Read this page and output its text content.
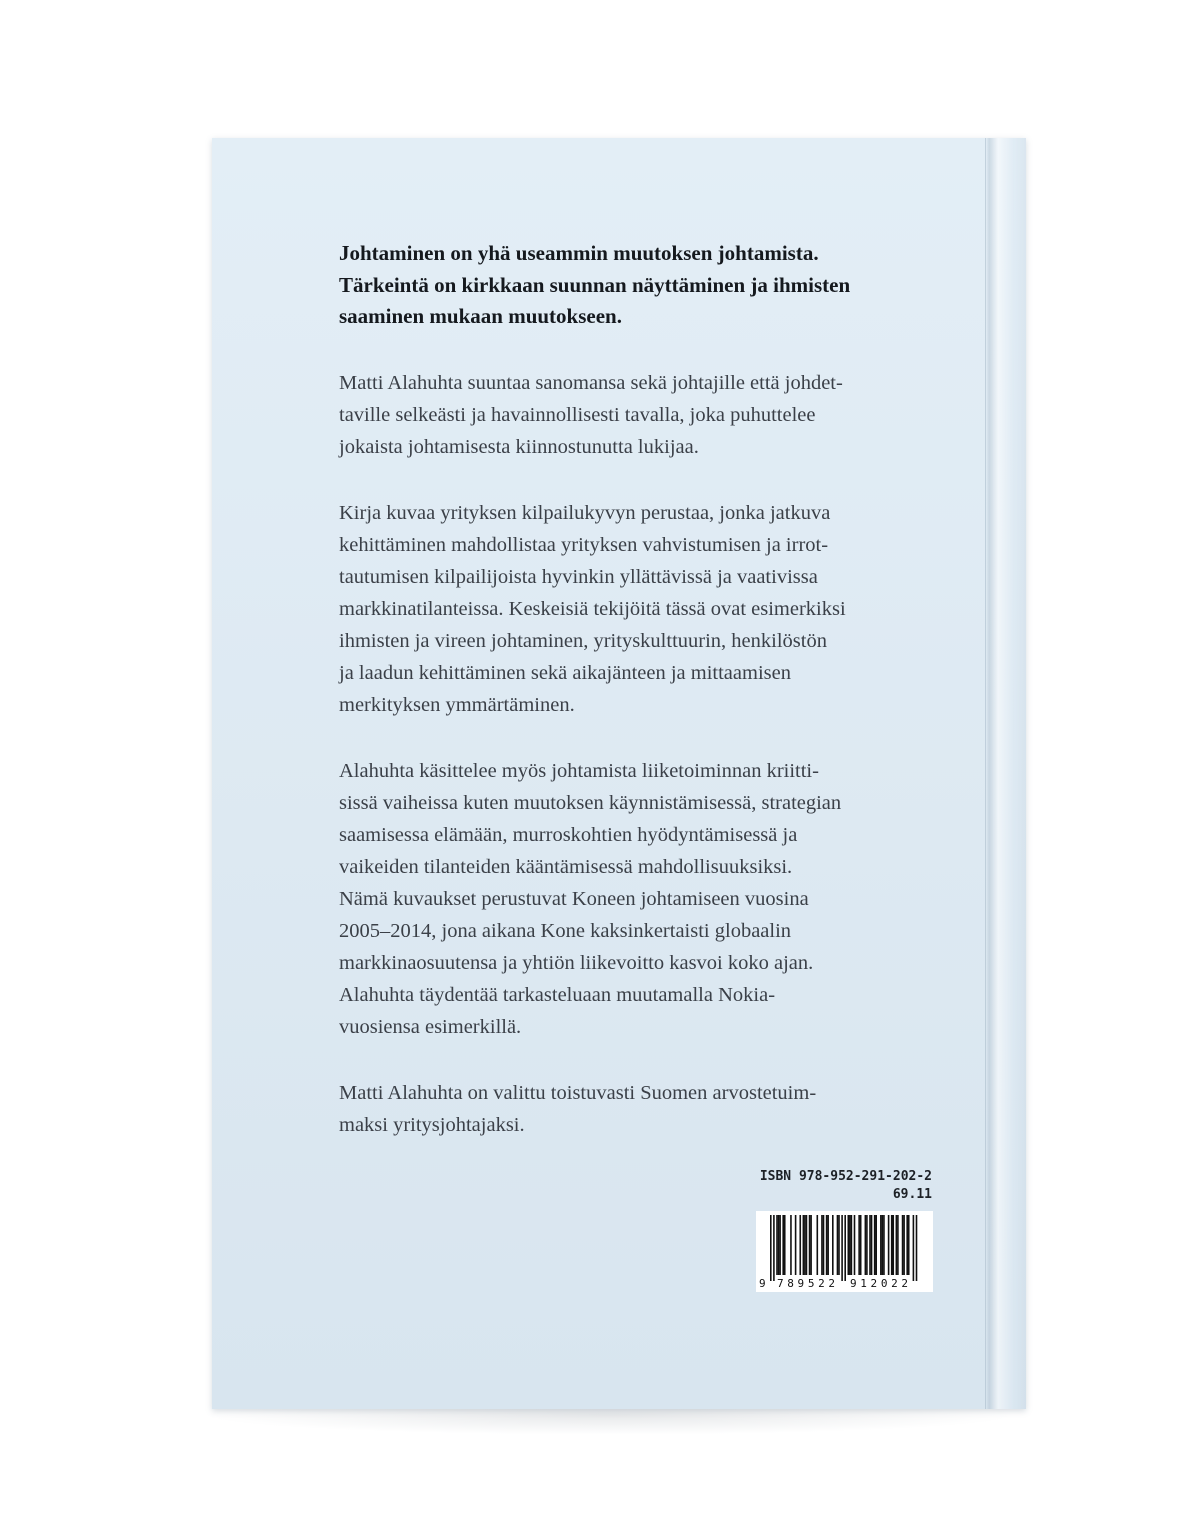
Johtaminen on yhä useammin muutoksen johtamista.
Tärkeintä on kirkkaan suunnan näyttäminen ja ihmisten
saaminen mukaan muutokseen.

Matti Alahuhta suuntaa sanomansa sekä johtajille että johdet-
taville selkeästi ja havainnollisesti tavalla, joka puhuttelee
jokaista johtamisesta kiinnostunutta lukijaa.

Kirja kuvaa yrityksen kilpailukyvyn perustaa, jonka jatkuva
kehittäminen mahdollistaa yrityksen vahvistumisen ja irrot-
tautumisen kilpailijoista hyvinkin yllättävissä ja vaativissa
markkinatilanteissa. Keskeisiä tekijöitä tässä ovat esimerkiksi
ihmisten ja vireen johtaminen, yrityskulttuurin, henkilöstön
ja laadun kehittäminen sekä aikajänteen ja mittaamisen
merkityksen ymmärtäminen.

Alahuhta käsittelee myös johtamista liiketoiminnan kriitti-
sissä vaiheissa kuten muutoksen käynnistämisessä, strategian
saamisessa elämään, murroskohtien hyödyntämisessä ja
vaikeiden tilanteiden kääntämisessä mahdollisuuksiksi.
Nämä kuvaukset perustuvat Koneen johtamiseen vuosina
2005–2014, jona aikana Kone kaksinkertaisti globaalin
markkinaosuutensa ja yhtiön liikevoitto kasvoi koko ajan.
Alahuhta täydentää tarkasteluaan muutamalla Nokia-
vuosiensa esimerkillä.

Matti Alahuhta on valittu toistuvasti Suomen arvostetuim-
maksi yritysjohtajaksi.

ISBN 978-952-291-202-2
69.11
9 789522 912022
